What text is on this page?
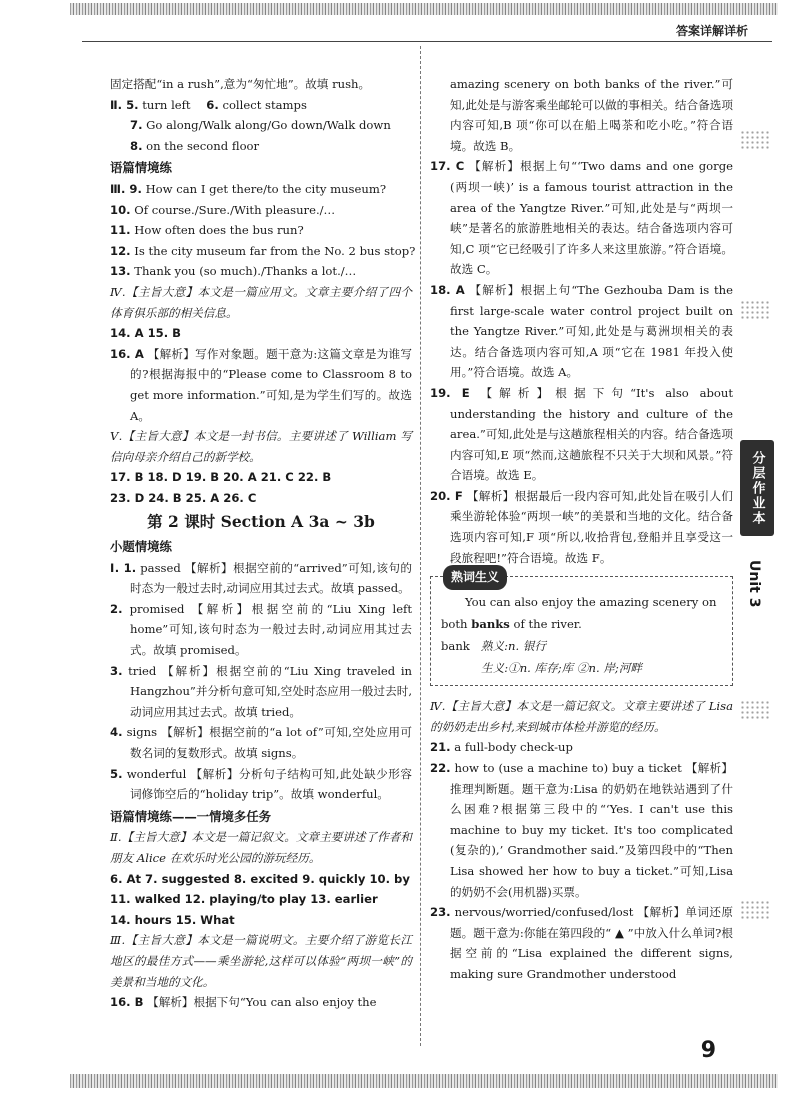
答案详解详析
固定搭配“in a rush”,意为“匆忙地”。故填 rush。
Ⅱ. 5. turn left 6. collect stamps
7. Go along/Walk along/Go down/Walk down
8. on the second floor
语篇情境练
Ⅲ. 9. How can I get there/to the city museum?
10. Of course./Sure./With pleasure./…
11. How often does the bus run?
12. Is the city museum far from the No. 2 bus stop?
13. Thank you (so much)./Thanks a lot./…
Ⅳ.【主旨大意】本文是一篇应用文。文章主要介绍了四个体育俱乐部的相关信息。
14. A 15. B
16. A 【解析】写作对象题。题干意为:这篇文章是为谁写的?根据海报中的“Please come to Classroom 8 to get more information.”可知,是为学生们写的。故选 A。
Ⅴ.【主旨大意】本文是一封书信。主要讲述了 William 写信向母亲介绍自己的新学校。
17. B 18. D 19. B 20. A 21. C 22. B
23. D 24. B 25. A 26. C
第 2 课时 Section A 3a ~ 3b
小题情境练
Ⅰ. 1. passed 【解析】根据空前的“arrived”可知,该句的时态为一般过去时,动词应用其过去式。故填 passed。
2. promised 【解析】根据空前的“Liu Xing left home”可知,该句时态为一般过去时,动词应用其过去式。故填 promised。
3. tried 【解析】根据空前的“Liu Xing traveled in Hangzhou”并分析句意可知,空处时态应用一般过去时,动词应用其过去式。故填 tried。
4. signs 【解析】根据空前的“a lot of”可知,空处应用可数名词的复数形式。故填 signs。
5. wonderful 【解析】分析句子结构可知,此处缺少形容词修饰空后的“holiday trip”。故填 wonderful。
语篇情境练——一情境多任务
Ⅱ.【主旨大意】本文是一篇记叙文。文章主要讲述了作者和朋友 Alice 在欢乐时光公园的游玩经历。
6. At 7. suggested 8. excited 9. quickly 10. by
11. walked 12. playing/to play 13. earlier
14. hours 15. What
Ⅲ.【主旨大意】本文是一篇说明文。主要介绍了游览长江地区的最佳方式——乘坐游轮,这样可以体验“两坝一峡”的美景和当地的文化。
16. B 【解析】根据下句“You can also enjoy the
amazing scenery on both banks of the river.”可知,此处是与游客乘坐邮轮可以做的事相关。结合备选项内容可知,B 项“你可以在船上喝茶和吃小吃。”符合语境。故选 B。
17. C 【解析】根据上句“‘Two dams and one gorge (两坝一峡)’ is a famous tourist attraction in the area of the Yangtze River.”可知,此处是与“两坝一峡”是著名的旅游胜地相关的表达。结合备选项内容可知,C 项“它已经吸引了许多人来这里旅游。”符合语境。故选 C。
18. A 【解析】根据上句“The Gezhouba Dam is the first large-scale water control project built on the Yangtze River.”可知,此处是与葛洲坝相关的表达。结合备选项内容可知,A 项“它在 1981 年投入使用。”符合语境。故选 A。
19. E 【解析】根据下句“It's also about understanding the history and culture of the area.”可知,此处是与这趟旅程相关的内容。结合备选项内容可知,E 项“然而,这趟旅程不只关于大坝和风景。”符合语境。故选 E。
20. F 【解析】根据最后一段内容可知,此处旨在吸引人们乘坐游轮体验“两坝一峡”的美景和当地的文化。结合备选项内容可知,F 项“所以,收拾背包,登船并且享受这一段旅程吧!”符合语境。故选 F。
熟词生义

You can also enjoy the amazing scenery on both banks of the river.

bank 熟义:n. 银行

生义:①n. 库存;库 ②n. 岸;河畔

Ⅳ.【主旨大意】本文是一篇记叙文。文章主要讲述了 Lisa 的奶奶走出乡村,来到城市体检并游览的经历。
21. a full-body check-up
22. how to (use a machine to) buy a ticket 【解析】推理判断题。题干意为:Lisa 的奶奶在地铁站遇到了什么困难?根据第三段中的“‘Yes. I can't use this machine to buy my ticket. It's too complicated (复杂的),’ Grandmother said.”及第四段中的“Then Lisa showed her how to buy a ticket.”可知,Lisa 的奶奶不会(用机器)买票。
23. nervous/worried/confused/lost 【解析】单词还原题。题干意为:你能在第四段的“ ▲ ”中放入什么单词?根据空前的“Lisa explained the different signs, making sure Grandmother understood
分层作业本
Unit 3
9
